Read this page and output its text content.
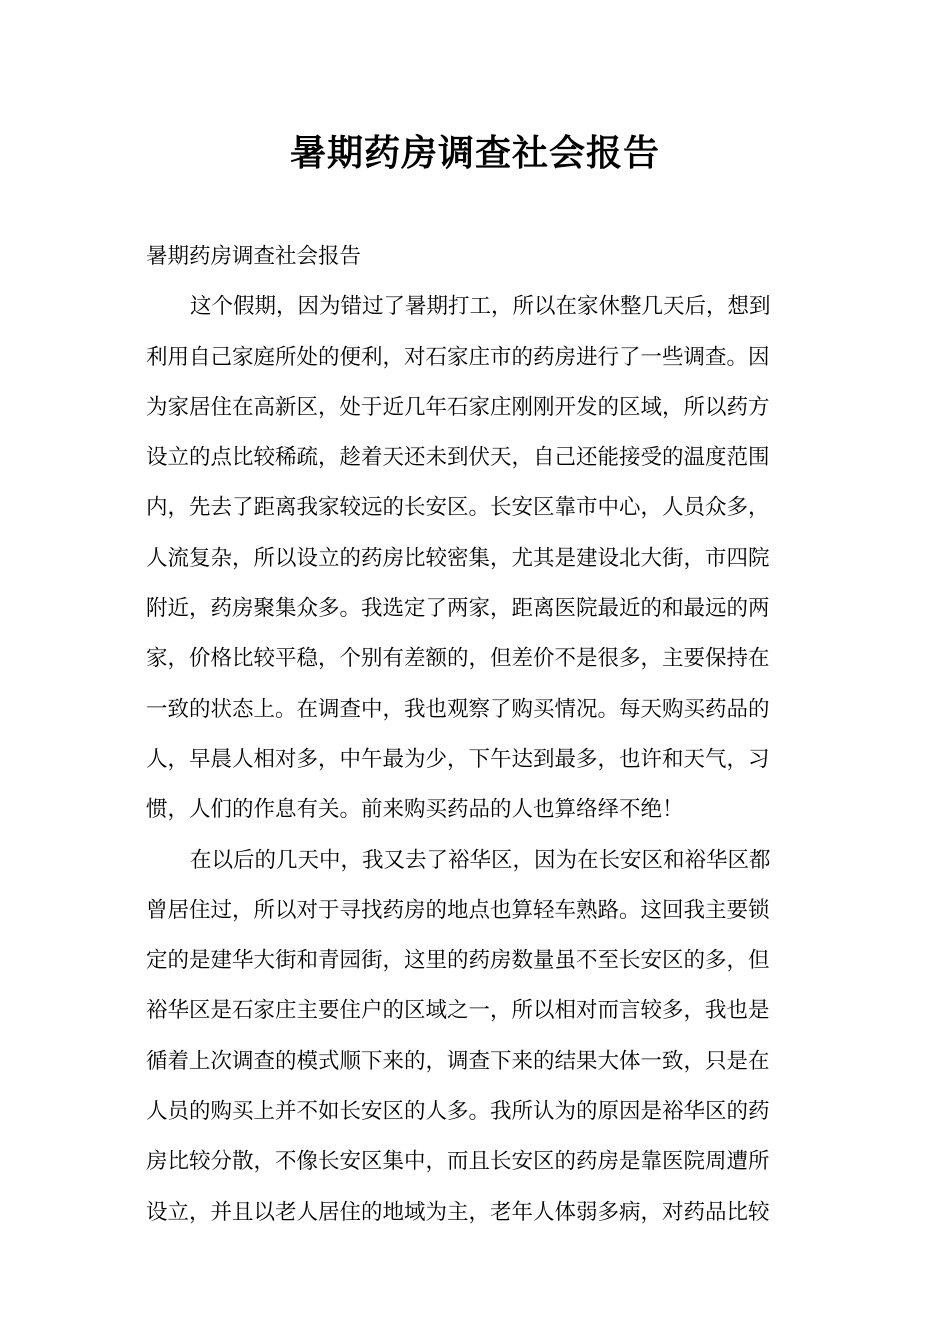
暑期药房调查社会报告
暑期药房调查社会报告
这个假期，因为错过了暑期打工，所以在家休整几天后，想到
利用自己家庭所处的便利，对石家庄市的药房进行了一些调查。因
为家居住在高新区，处于近几年石家庄刚刚开发的区域，所以药方
设立的点比较稀疏，趁着天还未到伏天，自己还能接受的温度范围
内，先去了距离我家较远的长安区。长安区靠市中心，人员众多，
人流复杂，所以设立的药房比较密集，尤其是建设北大街，市四院
附近，药房聚集众多。我选定了两家，距离医院最近的和最远的两
家，价格比较平稳，个别有差额的，但差价不是很多，主要保持在
一致的状态上。在调查中，我也观察了购买情况。每天购买药品的
人，早晨人相对多，中午最为少，下午达到最多，也许和天气，习
惯，人们的作息有关。前来购买药品的人也算络绎不绝！
在以后的几天中，我又去了裕华区，因为在长安区和裕华区都
曾居住过，所以对于寻找药房的地点也算轻车熟路。这回我主要锁
定的是建华大街和青园街，这里的药房数量虽不至长安区的多，但
裕华区是石家庄主要住户的区域之一，所以相对而言较多，我也是
循着上次调查的模式顺下来的，调查下来的结果大体一致，只是在
人员的购买上并不如长安区的人多。我所认为的原因是裕华区的药
房比较分散，不像长安区集中，而且长安区的药房是靠医院周遭所
设立，并且以老人居住的地域为主，老年人体弱多病，对药品比较
